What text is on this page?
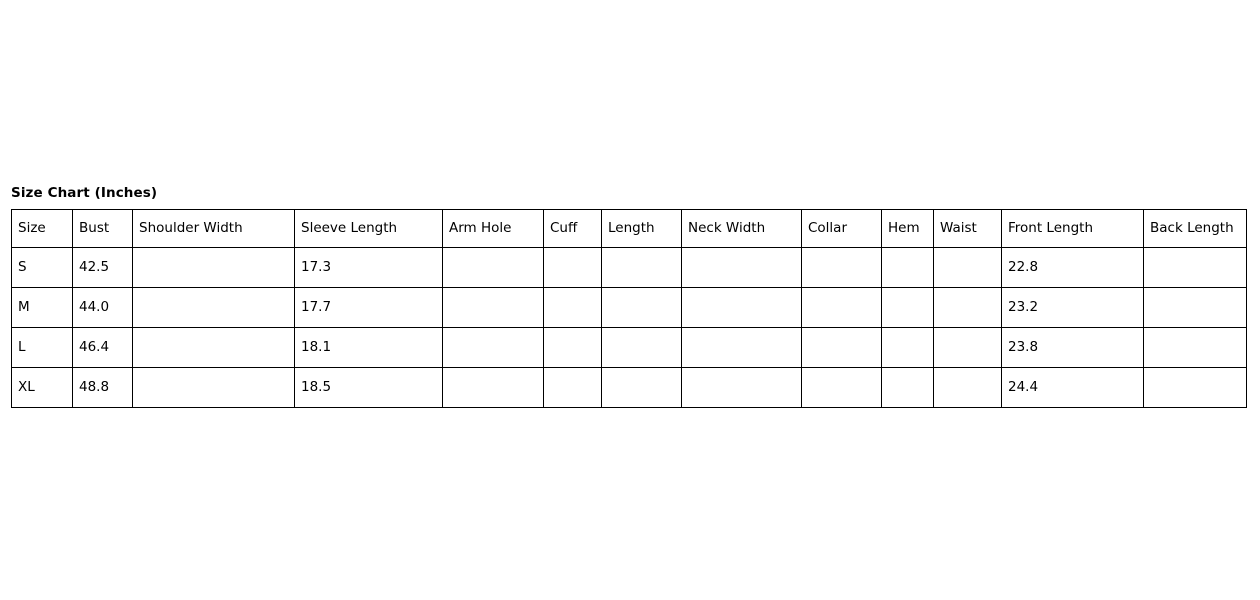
Size Chart (Inches)
Size	Bust	Shoulder Width	Sleeve Length	Arm Hole	Cuff	Length	Neck Width	Collar	Hem	Waist	Front Length	Back Length
S	42.5		17.3								22.8	
M	44.0		17.7								23.2	
L	46.4		18.1								23.8	
XL	48.8		18.5								24.4	
